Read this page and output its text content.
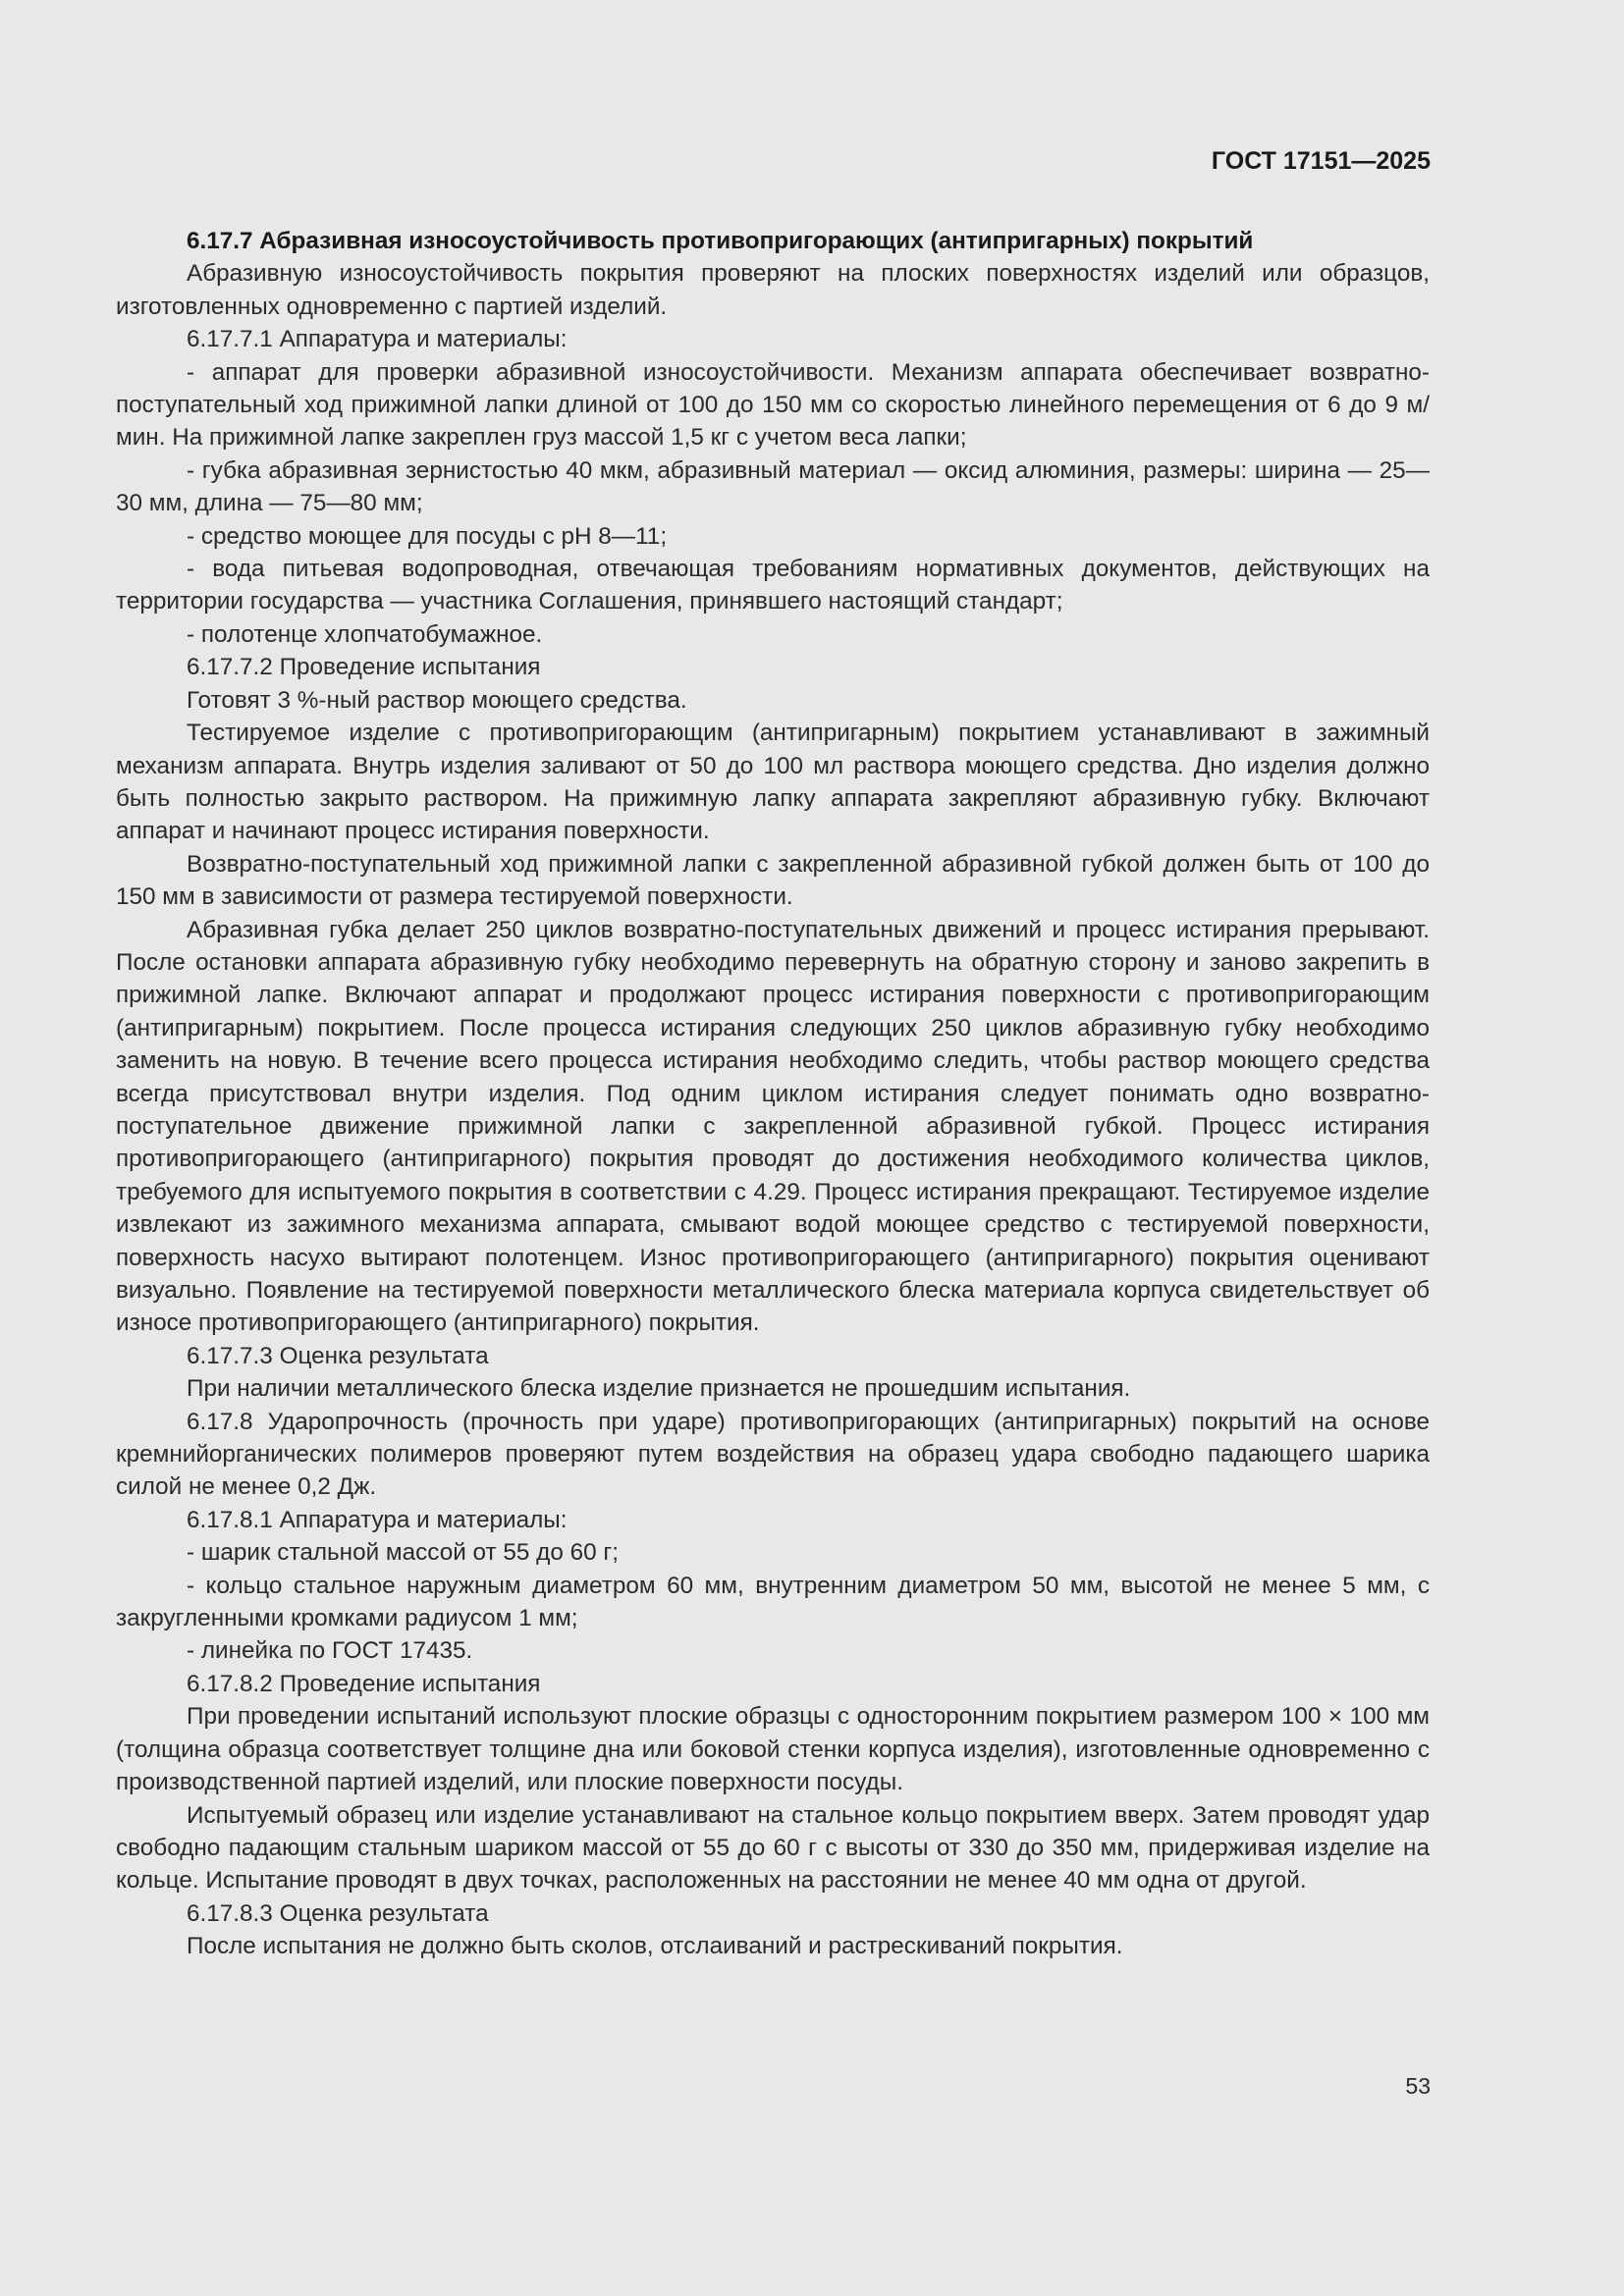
ГОСТ 17151—2025

6.17.7 Абразивная износоустойчивость противопригорающих (антипригарных) покрытий

Абразивную износоустойчивость покрытия проверяют на плоских поверхностях изделий или образцов, изготовленных одновременно с партией изделий.

6.17.7.1 Аппаратура и материалы:

- аппарат для проверки абразивной износоустойчивости. Механизм аппарата обеспечивает возвратно-поступательный ход прижимной лапки длиной от 100 до 150 мм со скоростью линейного перемещения от 6 до 9 м/мин. На прижимной лапке закреплен груз массой 1,5 кг с учетом веса лапки;

- губка абразивная зернистостью 40 мкм, абразивный материал — оксид алюминия, размеры: ширина — 25—30 мм, длина — 75—80 мм;

- средство моющее для посуды с рН 8—11;

- вода питьевая водопроводная, отвечающая требованиям нормативных документов, действующих на территории государства — участника Соглашения, принявшего настоящий стандарт;

- полотенце хлопчатобумажное.

6.17.7.2 Проведение испытания

Готовят 3 %-ный раствор моющего средства.

Тестируемое изделие с противопригорающим (антипригарным) покрытием устанавливают в зажимный механизм аппарата. Внутрь изделия заливают от 50 до 100 мл раствора моющего средства. Дно изделия должно быть полностью закрыто раствором. На прижимную лапку аппарата закрепляют абразивную губку. Включают аппарат и начинают процесс истирания поверхности.

Возвратно-поступательный ход прижимной лапки с закрепленной абразивной губкой должен быть от 100 до 150 мм в зависимости от размера тестируемой поверхности.

Абразивная губка делает 250 циклов возвратно-поступательных движений и процесс истирания прерывают. После остановки аппарата абразивную губку необходимо перевернуть на обратную сторону и заново закрепить в прижимной лапке. Включают аппарат и продолжают процесс истирания поверхности с противопригорающим (антипригарным) покрытием. После процесса истирания следующих 250 циклов абразивную губку необходимо заменить на новую. В течение всего процесса истирания необходимо следить, чтобы раствор моющего средства всегда присутствовал внутри изделия. Под одним циклом истирания следует понимать одно возвратно-поступательное движение прижимной лапки с закрепленной абразивной губкой. Процесс истирания противопригорающего (антипригарного) покрытия проводят до достижения необходимого количества циклов, требуемого для испытуемого покрытия в соответствии с 4.29. Процесс истирания прекращают. Тестируемое изделие извлекают из зажимного механизма аппарата, смывают водой моющее средство с тестируемой поверхности, поверхность насухо вытирают полотенцем. Износ противопригорающего (антипригарного) покрытия оценивают визуально. Появление на тестируемой поверхности металлического блеска материала корпуса свидетельствует об износе противопригорающего (антипригарного) покрытия.

6.17.7.3 Оценка результата

При наличии металлического блеска изделие признается не прошедшим испытания.

6.17.8 Ударопрочность (прочность при ударе) противопригорающих (антипригарных) покрытий на основе кремнийорганических полимеров проверяют путем воздействия на образец удара свободно падающего шарика силой не менее 0,2 Дж.

6.17.8.1 Аппаратура и материалы:

- шарик стальной массой от 55 до 60 г;

- кольцо стальное наружным диаметром 60 мм, внутренним диаметром 50 мм, высотой не менее 5 мм, с закругленными кромками радиусом 1 мм;

- линейка по ГОСТ 17435.

6.17.8.2 Проведение испытания

При проведении испытаний используют плоские образцы с односторонним покрытием размером 100 × 100 мм (толщина образца соответствует толщине дна или боковой стенки корпуса изделия), изготовленные одновременно с производственной партией изделий, или плоские поверхности посуды.

Испытуемый образец или изделие устанавливают на стальное кольцо покрытием вверх. Затем проводят удар свободно падающим стальным шариком массой от 55 до 60 г с высоты от 330 до 350 мм, придерживая изделие на кольце. Испытание проводят в двух точках, расположенных на расстоянии не менее 40 мм одна от другой.

6.17.8.3 Оценка результата

После испытания не должно быть сколов, отслаиваний и растрескиваний покрытия.

53
